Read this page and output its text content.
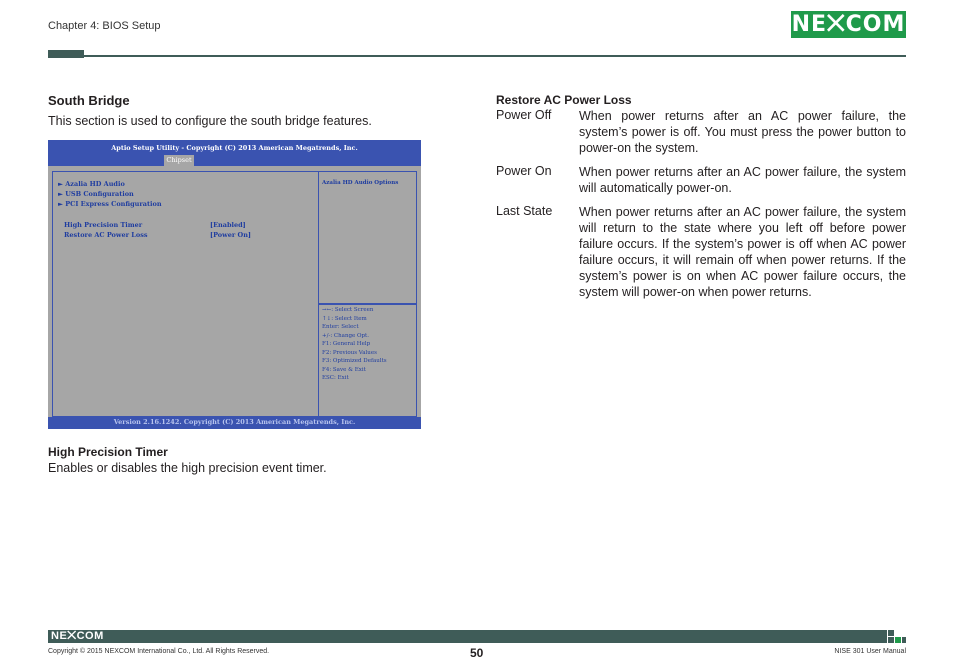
Chapter 4: BIOS Setup	NE⨉COM
South Bridge
This section is used to configure the south bridge features.
Aptio Setup Utility - Copyright (C) 2013 American Megatrends, Inc.
Chipset
Version 2.16.1242. Copyright (C) 2013 American Megatrends, Inc.
► Azalia HD Audio
► USB Configuration
► PCI Express Configuration
High Precision Timer	[Enabled]
Restore AC Power Loss	[Power On]
Azalia HD Audio Options
→←: Select Screen
↑↓: Select Item
Enter: Select
+/-: Change Opt.
F1: General Help
F2: Previous Values
F3: Optimized Defaults
F4: Save & Exit
ESC: Exit
High Precision Timer
Enables or disables the high precision event timer.
Restore AC Power Loss
Power Off When power returns after an AC power failure, the system’s power is off. You must press the power button to power-on the system.
Power On When power returns after an AC power failure, the system will automatically power-on.
Last State When power returns after an AC power failure, the system will return to the state where you left off before power failure occurs. If the system’s power is off when AC power failure occurs, it will remain off when power returns. If the system’s power is on when AC power failure occurs, the system will power-on when power returns.
NE⨉COM
Copyright © 2015 NEXCOM International Co., Ltd. All Rights Reserved.	50	NISE 301 User Manual
